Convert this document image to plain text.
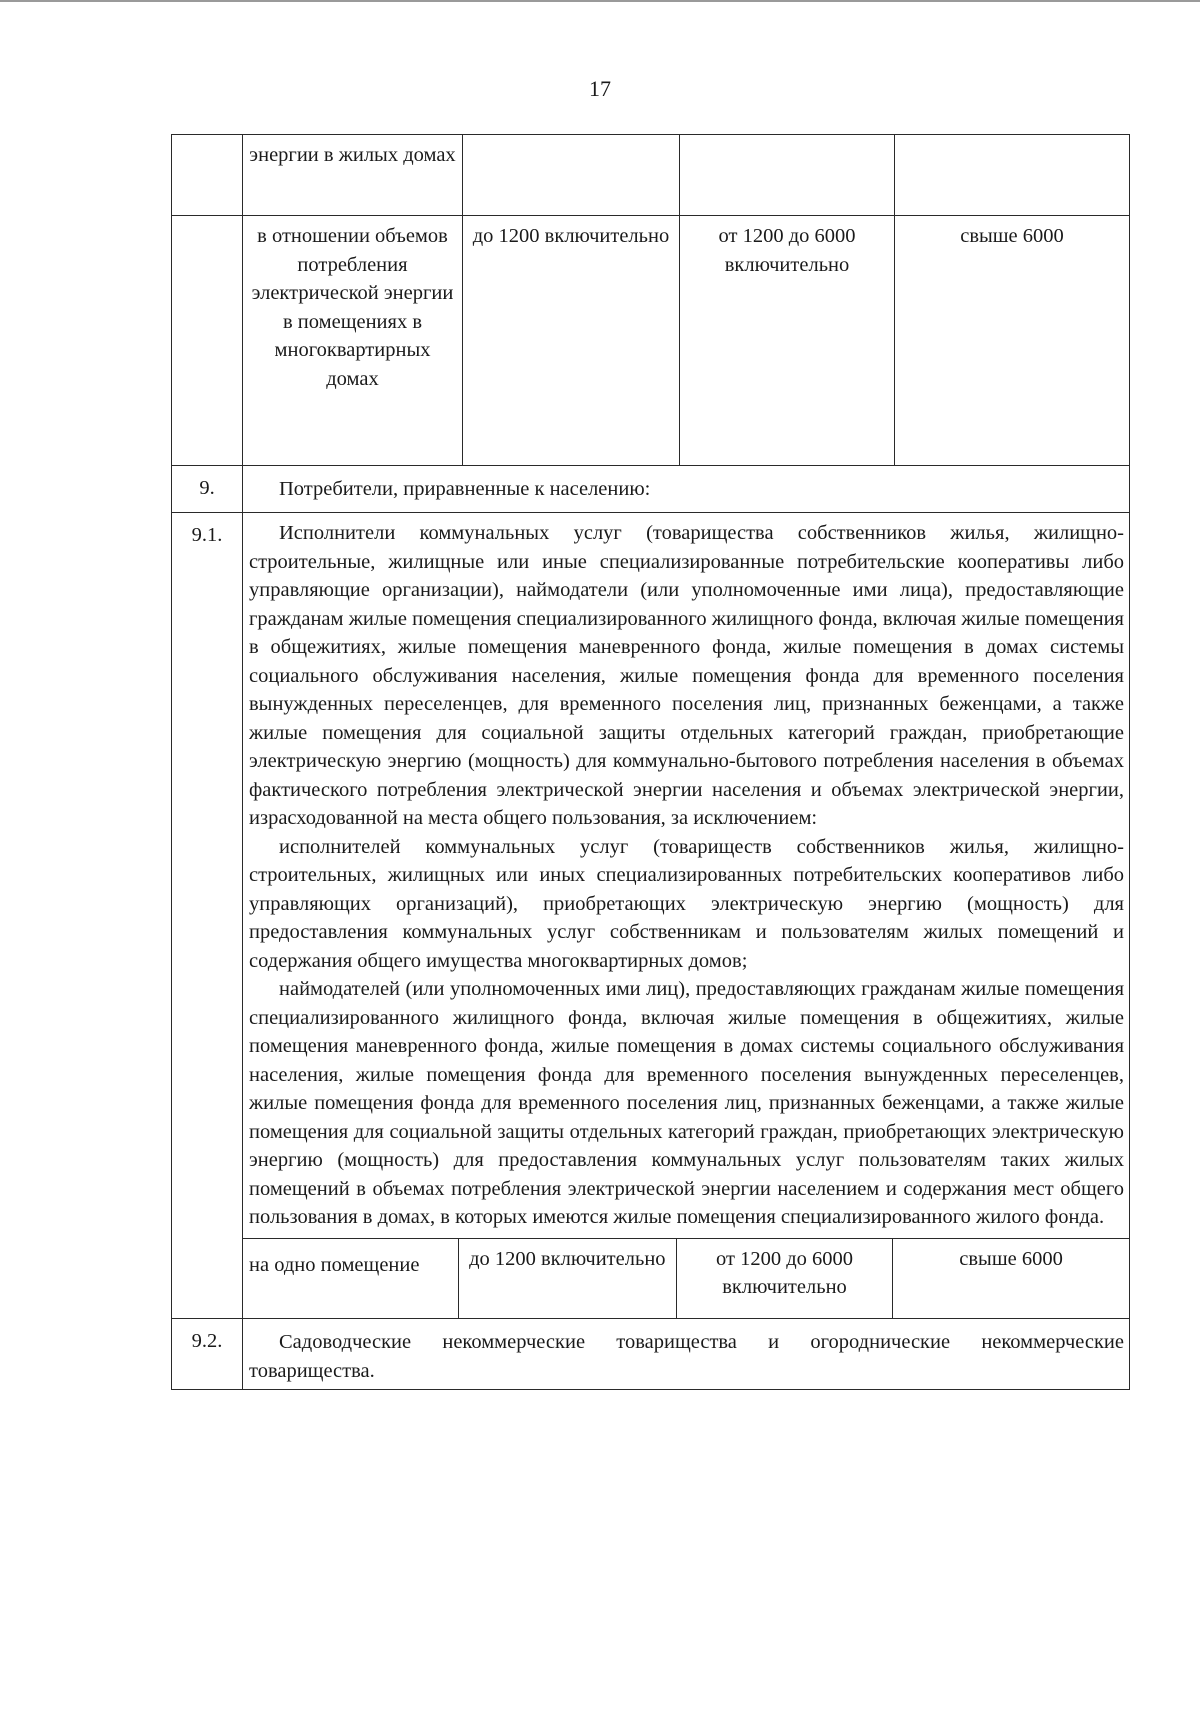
17
	энергии в жилых домах			
	в отношении объемов потребления электрической энергии в помещениях в многоквартирных домах	до 1200 включительно	от 1200 до 6000 включительно	свыше 6000
9.	Потребители, приравненные к населению:

9.1.	Исполнители коммунальных услуг (товарищества собственников жилья, жилищно-строительные, жилищные или иные специализированные потребительские кооперативы либо управляющие организации), наймодатели (или уполномоченные ими лица), предоставляющие гражданам жилые помещения специализированного жилищного фонда, включая жилые помещения в общежитиях, жилые помещения маневренного фонда, жилые помещения в домах системы социального обслуживания населения, жилые помещения фонда для временного поселения вынужденных переселенцев, для временного поселения лиц, признанных беженцами, а также жилые помещения для социальной защиты отдельных категорий граждан, приобретающие электрическую энергию (мощность) для коммунально-бытового потребления населения в объемах фактического потребления электрической энергии населения и объемах электрической энергии, израсходованной на места общего пользования, за исключением:

исполнителей коммунальных услуг (товариществ собственников жилья, жилищно-строительных, жилищных или иных специализированных потребительских кооперативов либо управляющих организаций), приобретающих электрическую энергию (мощность) для предоставления коммунальных услуг собственникам и пользователям жилых помещений и содержания общего имущества многоквартирных домов;

наймодателей (или уполномоченных ими лиц), предоставляющих гражданам жилые помещения специализированного жилищного фонда, включая жилые помещения в общежитиях, жилые помещения маневренного фонда, жилые помещения в домах системы социального обслуживания населения, жилые помещения фонда для временного поселения вынужденных переселенцев, жилые помещения фонда для временного поселения лиц, признанных беженцами, а также жилые помещения для социальной защиты отдельных категорий граждан, приобретающих электрическую энергию (мощность) для предоставления коммунальных услуг пользователям таких жилых помещений в объемах потребления электрической энергии населением и содержания мест общего пользования в домах, в которых имеются жилые помещения специализированного жилого фонда.

на одно помещение	до 1200 включительно	от 1200 до 6000 включительно	свыше 6000

9.2.	Садоводческие некоммерческие товарищества и огороднические некоммерческие товарищества.
